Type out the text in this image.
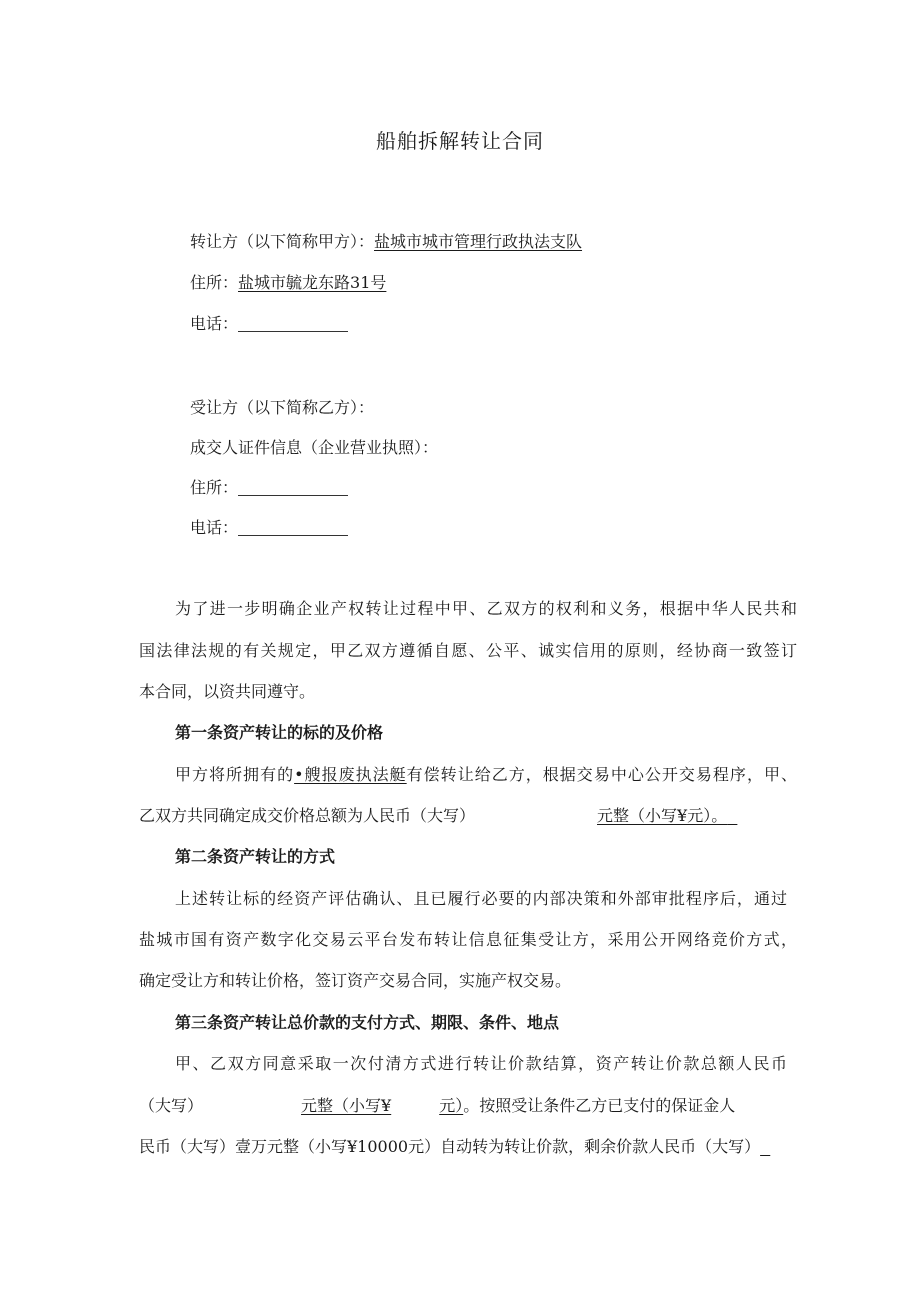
船舶拆解转让合同
转让方（以下简称甲方）：盐城市城市管理行政执法支队
住所：盐城市毓龙东路31号
电话：
受让方（以下简称乙方）：
成交人证件信息（企业营业执照）：
住所：
电话：
为了进一步明确企业产权转让过程中甲、乙双方的权利和义务，根据中华人民共和
国法律法规的有关规定，甲乙双方遵循自愿、公平、诚实信用的原则，经协商一致签订
本合同，以资共同遵守。
第一条资产转让的标的及价格
甲方将所拥有的•艘报废执法艇有偿转让给乙方，根据交易中心公开交易程序，甲、
乙双方共同确定成交价格总额为人民币（大写）	元整（小写¥元）。
第二条资产转让的方式
上述转让标的经资产评估确认、且已履行必要的内部决策和外部审批程序后，通过
盐城市国有资产数字化交易云平台发布转让信息征集受让方，采用公开网络竞价方式，
确定受让方和转让价格，签订资产交易合同，实施产权交易。
第三条资产转让总价款的支付方式、期限、条件、地点
甲、乙双方同意采取一次付清方式进行转让价款结算，资产转让价款总额人民币
（大写）	元整（小写¥	元）。按照受让条件乙方已支付的保证金人
民币（大写）壹万元整（小写¥10000元）自动转为转让价款，剩余价款人民币（大写）
